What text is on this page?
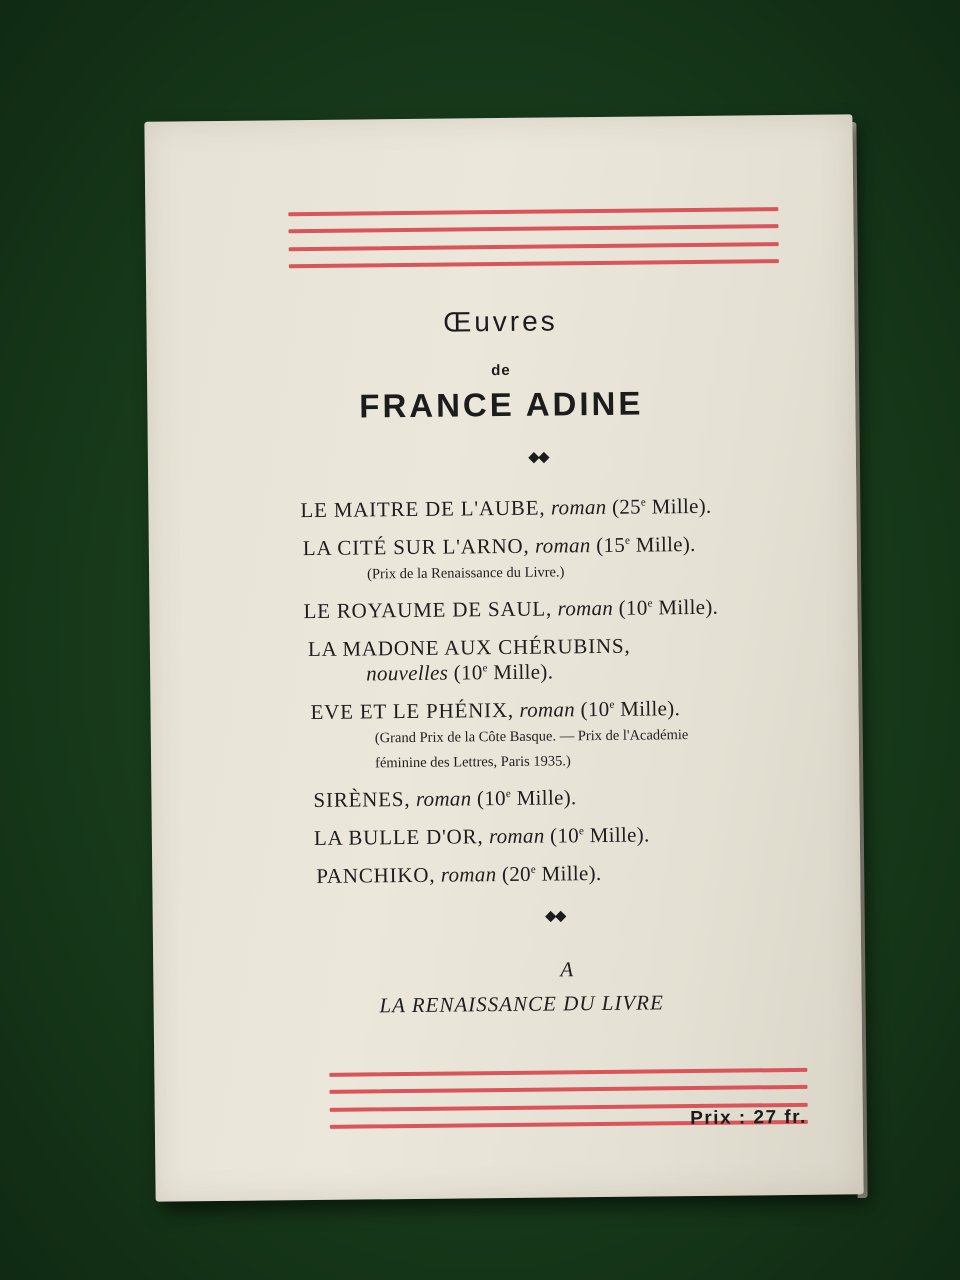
Œuvres
de
FRANCE ADINE
LE MAITRE DE L'AUBE, roman (25e Mille).
LA CITÉ SUR L'ARNO, roman (15e Mille).
(Prix de la Renaissance du Livre.)
LE ROYAUME DE SAUL, roman (10e Mille).
LA MADONE AUX CHÉRUBINS,
nouvelles (10e Mille).
EVE ET LE PHÉNIX, roman (10e Mille).
(Grand Prix de la Côte Basque. — Prix de l'Académie
féminine des Lettres, Paris 1935.)
SIRÈNES, roman (10e Mille).
LA BULLE D'OR, roman (10e Mille).
PANCHIKO, roman (20e Mille).
A
LA RENAISSANCE DU LIVRE
Prix : 27 fr.
